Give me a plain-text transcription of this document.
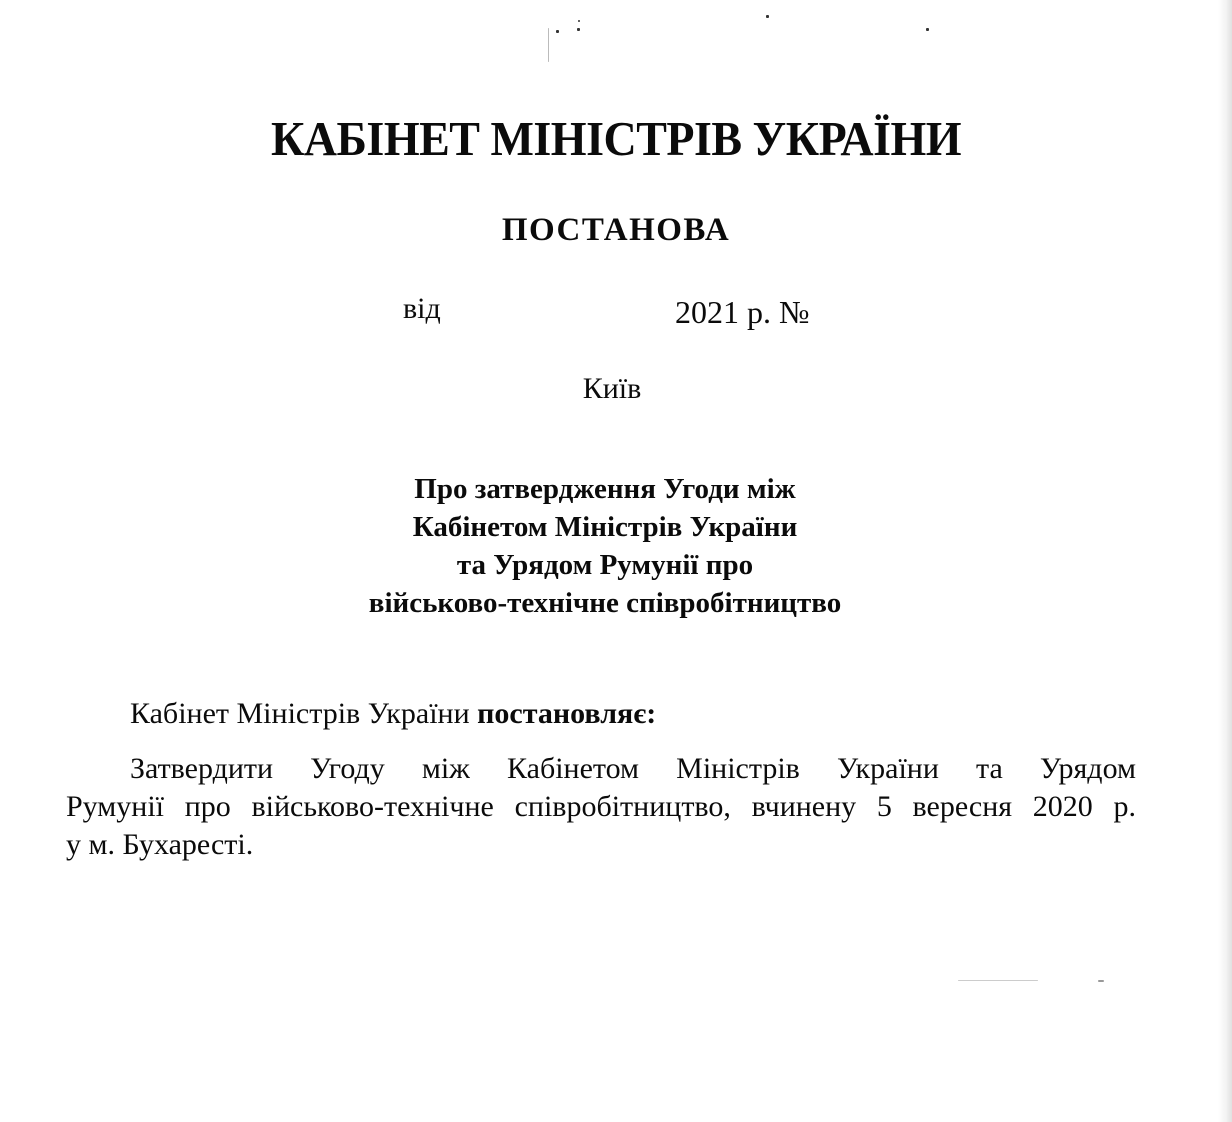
КАБІНЕТ МІНІСТРІВ УКРАЇНИ
ПОСТАНОВА
від	2021 р. №
Київ
Про затвердження Угоди між
Кабінетом Міністрів України
та Урядом Румунії про
військово-технічне співробітництво
Кабінет Міністрів України постановляє:
Затвердити Угоду між Кабінетом Міністрів України та Урядом
Румунії про військово-технічне співробітництво, вчинену 5 вересня 2020 р.
у м. Бухаресті.
